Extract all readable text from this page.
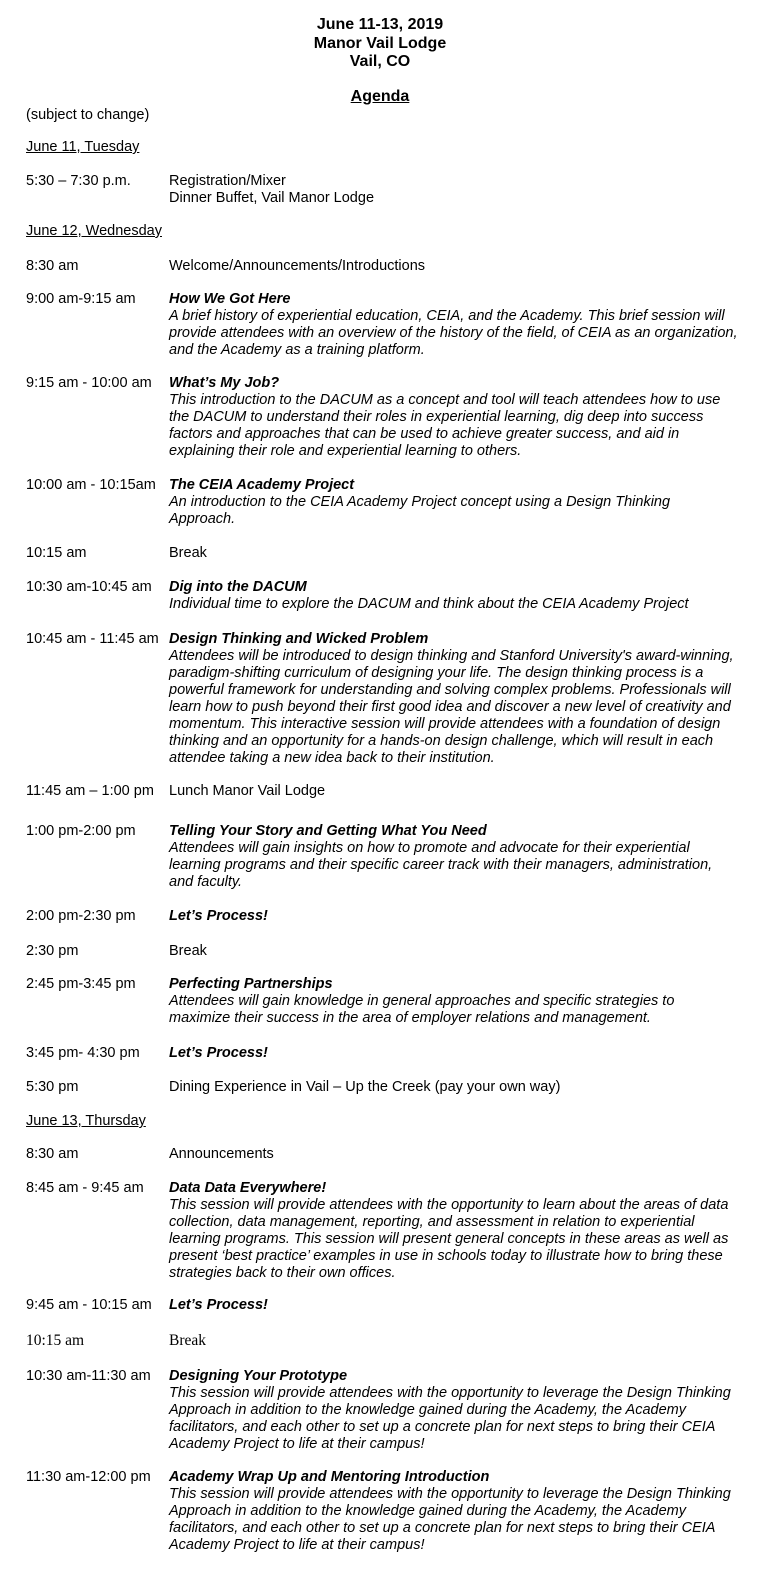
June 11-13, 2019
Manor Vail Lodge
Vail, CO
Agenda
(subject to change)
June 11, Tuesday
5:30 – 7:30 p.m.	Registration/Mixer
Dinner Buffet, Vail Manor Lodge
June 12, Wednesday
8:30 am	Welcome/Announcements/Introductions
9:00 am-9:15 am How We Got Here
A brief history of experiential education, CEIA, and the Academy. This brief session will
provide attendees with an overview of the history of the field, of CEIA as an organization,
and the Academy as a training platform.
9:15 am - 10:00 am What’s My Job?
This introduction to the DACUM as a concept and tool will teach attendees how to use
the DACUM to understand their roles in experiential learning, dig deep into success
factors and approaches that can be used to achieve greater success, and aid in
explaining their role and experiential learning to others.
10:00 am - 10:15am The CEIA Academy Project
An introduction to the CEIA Academy Project concept using a Design Thinking
Approach.
10:15 am	Break
10:30 am-10:45 am Dig into the DACUM
Individual time to explore the DACUM and think about the CEIA Academy Project
10:45 am - 11:45 am Design Thinking and Wicked Problem
Attendees will be introduced to design thinking and Stanford University's award-winning,
paradigm-shifting curriculum of designing your life. The design thinking process is a
powerful framework for understanding and solving complex problems. Professionals will
learn how to push beyond their first good idea and discover a new level of creativity and
momentum. This interactive session will provide attendees with a foundation of design
thinking and an opportunity for a hands-on design challenge, which will result in each
attendee taking a new idea back to their institution.
11:45 am – 1:00 pm Lunch Manor Vail Lodge
1:00 pm-2:00 pm Telling Your Story and Getting What You Need
Attendees will gain insights on how to promote and advocate for their experiential
learning programs and their specific career track with their managers, administration,
and faculty.
2:00 pm-2:30 pm Let’s Process!
2:30 pm	Break
2:45 pm-3:45 pm Perfecting Partnerships
Attendees will gain knowledge in general approaches and specific strategies to
maximize their success in the area of employer relations and management.
3:45 pm- 4:30 pm Let’s Process!
5:30 pm	Dining Experience in Vail – Up the Creek (pay your own way)
June 13, Thursday
8:30 am	Announcements
8:45 am - 9:45 am Data Data Everywhere!
This session will provide attendees with the opportunity to learn about the areas of data
collection, data management, reporting, and assessment in relation to experiential
learning programs. This session will present general concepts in these areas as well as
present ‘best practice’ examples in use in schools today to illustrate how to bring these
strategies back to their own offices.
9:45 am - 10:15 am Let’s Process!
10:15 am	Break
10:30 am-11:30 am Designing Your Prototype
This session will provide attendees with the opportunity to leverage the Design Thinking
Approach in addition to the knowledge gained during the Academy, the Academy
facilitators, and each other to set up a concrete plan for next steps to bring their CEIA
Academy Project to life at their campus!
11:30 am-12:00 pm Academy Wrap Up and Mentoring Introduction
This session will provide attendees with the opportunity to leverage the Design Thinking
Approach in addition to the knowledge gained during the Academy, the Academy
facilitators, and each other to set up a concrete plan for next steps to bring their CEIA
Academy Project to life at their campus!
